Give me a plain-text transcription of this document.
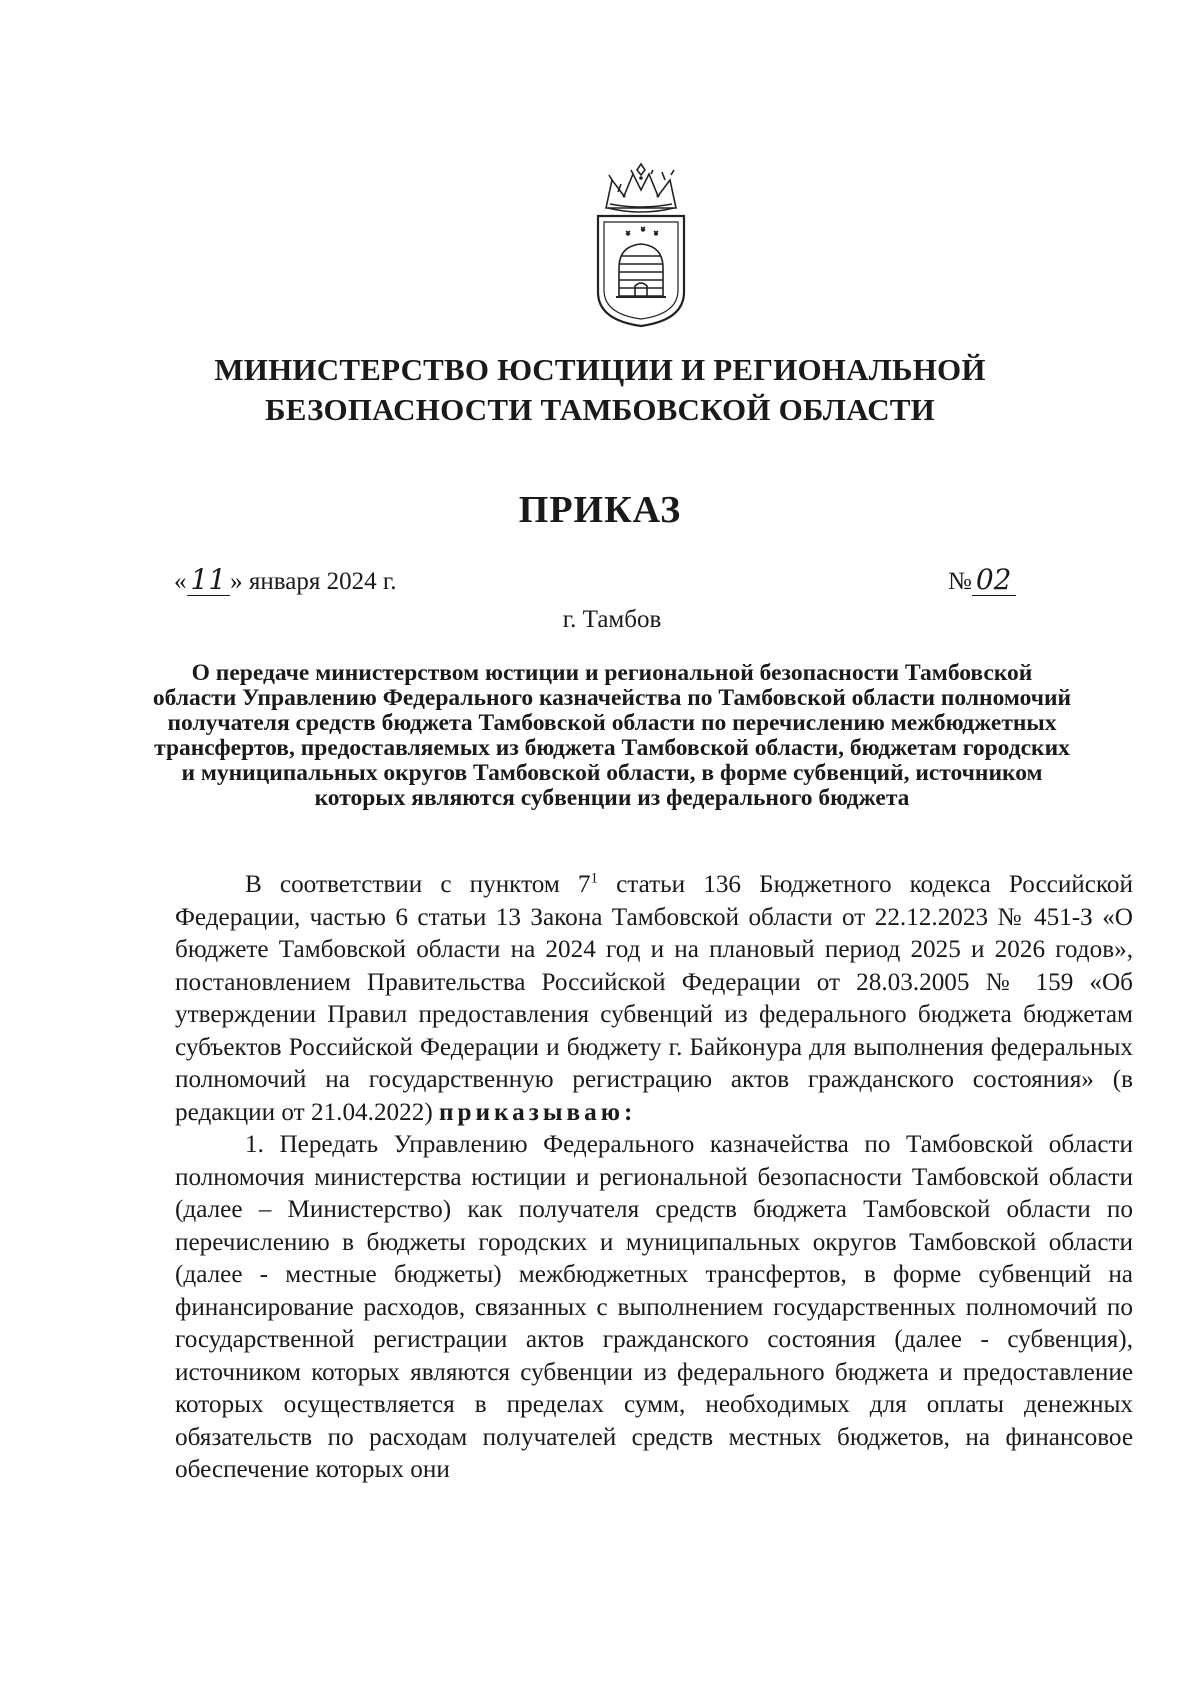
МИНИСТЕРСТВО ЮСТИЦИИ И РЕГИОНАЛЬНОЙ
БЕЗОПАСНОСТИ ТАМБОВСКОЙ ОБЛАСТИ
ПРИКАЗ
« 11 » января 2024 г.	№ 02
г. Тамбов
О передаче министерством юстиции и региональной безопасности Тамбовской области Управлению Федерального казначейства по Тамбовской области полномочий получателя средств бюджета Тамбовской области по перечислению межбюджетных трансфертов, предоставляемых из бюджета Тамбовской области, бюджетам городских и муниципальных округов Тамбовской области, в форме субвенций, источником которых являются субвенции из федерального бюджета

В соответствии с пунктом $7^1$ статьи 136 Бюджетного кодекса Российской Федерации, частью 6 статьи 13 Закона Тамбовской области от 22.12.2023 № 451-З «О бюджете Тамбовской области на 2024 год и на плановый период 2025 и 2026 годов», постановлением Правительства Российской Федерации от 28.03.2005 № 159 «Об утверждении Правил предоставления субвенций из федерального бюджета бюджетам субъектов Российской Федерации и бюджету г. Байконура для выполнения федеральных полномочий на государственную регистрацию актов гражданского состояния» (в редакции от 21.04.2022) приказываю:

1. Передать Управлению Федерального казначейства по Тамбовской области полномочия министерства юстиции и региональной безопасности Тамбовской области (далее – Министерство) как получателя средств бюджета Тамбовской области по перечислению в бюджеты городских и муниципальных округов Тамбовской области (далее - местные бюджеты) межбюджетных трансфертов, в форме субвенций на финансирование расходов, связанных с выполнением государственных полномочий по государственной регистрации актов гражданского состояния (далее - субвенция), источником которых являются субвенции из федерального бюджета и предоставление которых осуществляется в пределах сумм, необходимых для оплаты денежных обязательств по расходам получателей средств местных бюджетов, на финансовое обеспечение которых они
